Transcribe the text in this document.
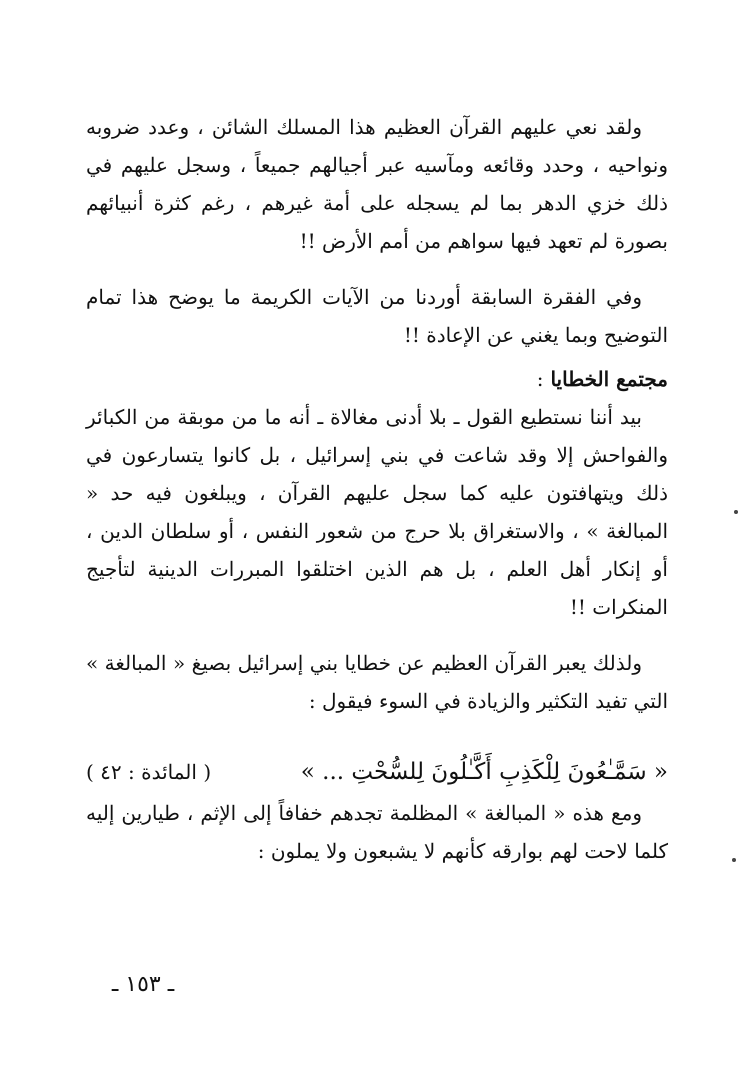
ولقد نعي عليهم القرآن العظيم هذا المسلك الشائن ، وعدد ضروبه ونواحيه ، وحدد وقائعه ومآسيه عبر أجيالهم جميعاً ، وسجل عليهم في ذلك خزي الدهر بما لم يسجله على أمة غيرهم ، رغم كثرة أنبيائهم بصورة لم تعهد فيها سواهم من أمم الأرض !!

وفي الفقرة السابقة أوردنا من الآيات الكريمة ما يوضح هذا تمام التوضيح وبما يغني عن الإعادة !!

مجتمع الخطايا :

بيد أننا نستطيع القول ـ بلا أدنى مغالاة ـ أنه ما من موبقة من الكبائر والفواحش إلا وقد شاعت في بني إسرائيل ، بل كانوا يتسارعون في ذلك ويتهافتون عليه كما سجل عليهم القرآن ، ويبلغون فيه حد « المبالغة » ، والاستغراق بلا حرج من شعور النفس ، أو سلطان الدين ، أو إنكار أهل العلم ، بل هم الذين اختلقوا المبررات الدينية لتأجيج المنكرات !!

ولذلك يعبر القرآن العظيم عن خطايا بني إسرائيل بصيغ « المبالغة » التي تفيد التكثير والزيادة في السوء فيقول :

« سَمَّـٰعُونَ لِلْكَذِبِ أَكَّـٰلُونَ لِلسُّحْتِ ... »
( المائدة : ٤٢ )

ومع هذه « المبالغة » المظلمة تجدهم خفافاً إلى الإثم ، طيارين إليه كلما لاحت لهم بوارقه كأنهم لا يشبعون ولا يملون :

ـ ١٥٣ ـ
